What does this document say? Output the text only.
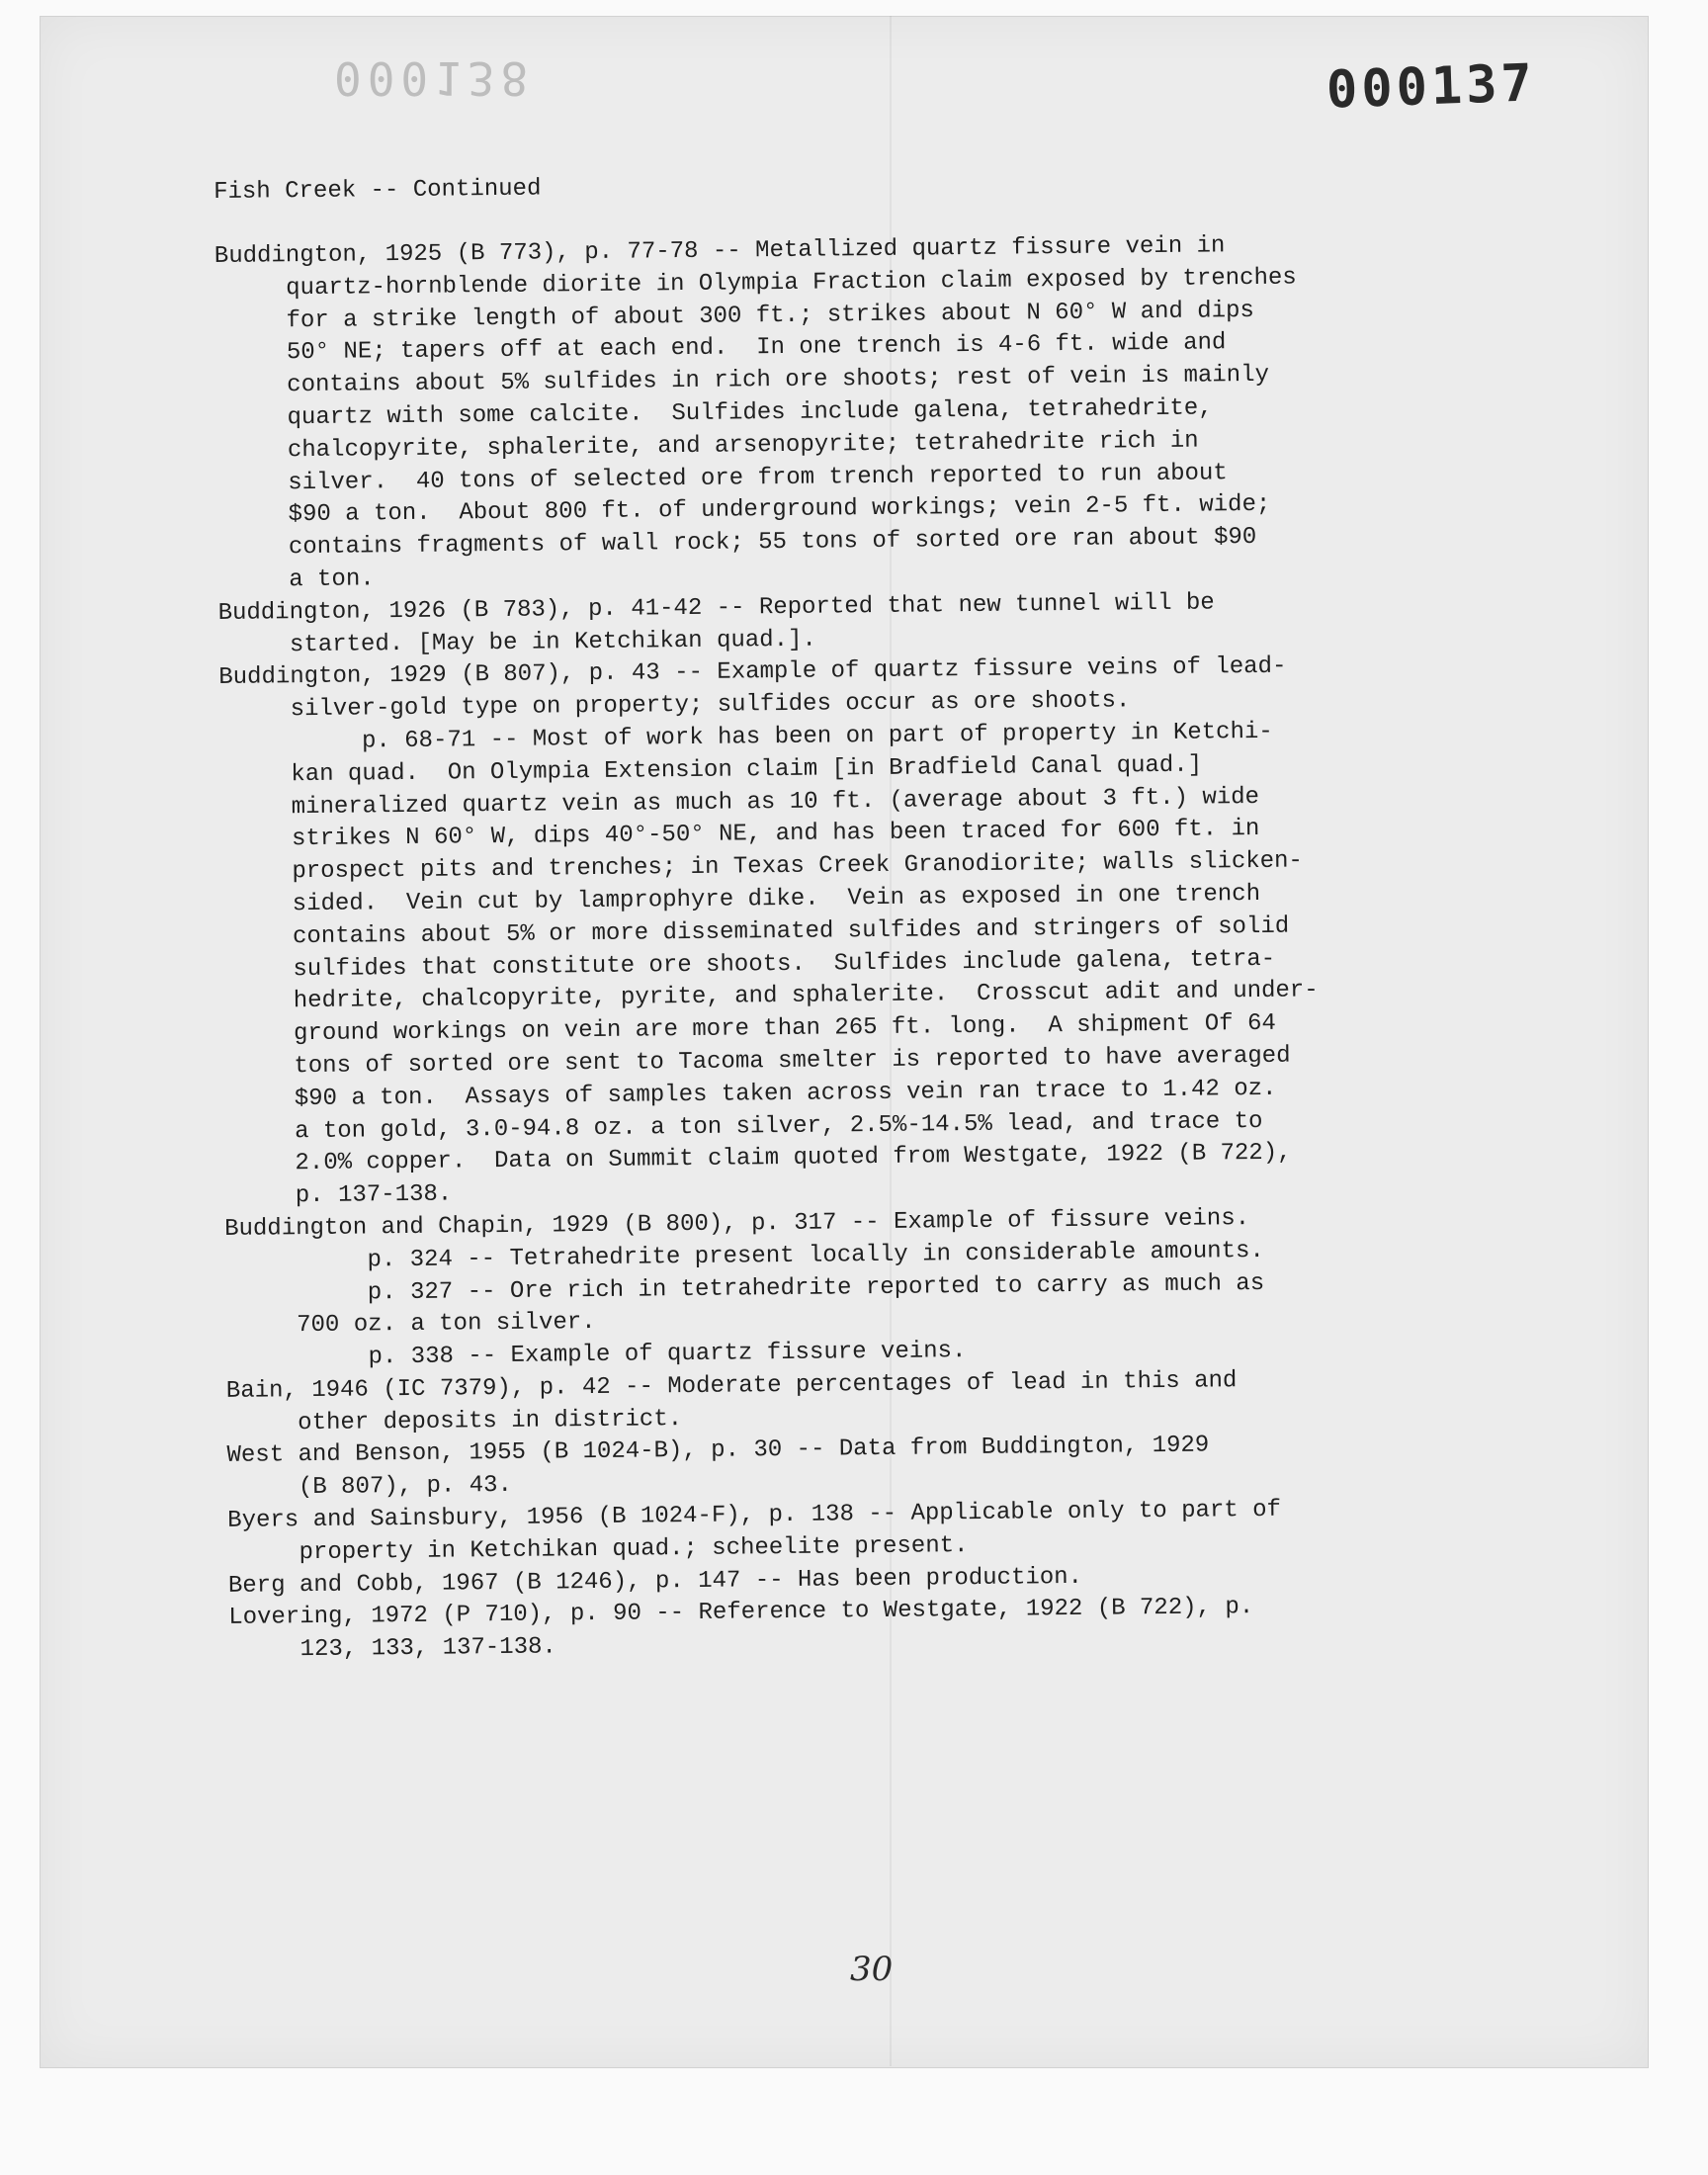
000138	000137

Fish Creek -- Continued

Buddington, 1925 (B 773), p. 77-78 -- Metallized quartz fissure vein in
quartz-hornblende diorite in Olympia Fraction claim exposed by trenches
for a strike length of about 300 ft.; strikes about N 60° W and dips
50° NE; tapers off at each end.  In one trench is 4-6 ft. wide and
contains about 5% sulfides in rich ore shoots; rest of vein is mainly
quartz with some calcite.  Sulfides include galena, tetrahedrite,
chalcopyrite, sphalerite, and arsenopyrite; tetrahedrite rich in
silver.  40 tons of selected ore from trench reported to run about
$90 a ton.  About 800 ft. of underground workings; vein 2-5 ft. wide;
contains fragments of wall rock; 55 tons of sorted ore ran about $90
a ton.

Buddington, 1926 (B 783), p. 41-42 -- Reported that new tunnel will be
started. [May be in Ketchikan quad.].

Buddington, 1929 (B 807), p. 43 -- Example of quartz fissure veins of lead-
silver-gold type on property; sulfides occur as ore shoots.
p. 68-71 -- Most of work has been on part of property in Ketchi-
kan quad.  On Olympia Extension claim [in Bradfield Canal quad.]
mineralized quartz vein as much as 10 ft. (average about 3 ft.) wide
strikes N 60° W, dips 40°-50° NE, and has been traced for 600 ft. in
prospect pits and trenches; in Texas Creek Granodiorite; walls slicken-
sided.  Vein cut by lamprophyre dike.  Vein as exposed in one trench
contains about 5% or more disseminated sulfides and stringers of solid
sulfides that constitute ore shoots.  Sulfides include galena, tetra-
hedrite, chalcopyrite, pyrite, and sphalerite.  Crosscut adit and under-
ground workings on vein are more than 265 ft. long.  A shipment Of 64
tons of sorted ore sent to Tacoma smelter is reported to have averaged
$90 a ton.  Assays of samples taken across vein ran trace to 1.42 oz.
a ton gold, 3.0-94.8 oz. a ton silver, 2.5%-14.5% lead, and trace to
2.0% copper.  Data on Summit claim quoted from Westgate, 1922 (B 722),
p. 137-138.

Buddington and Chapin, 1929 (B 800), p. 317 -- Example of fissure veins.
p. 324 -- Tetrahedrite present locally in considerable amounts.
p. 327 -- Ore rich in tetrahedrite reported to carry as much as
700 oz. a ton silver.
p. 338 -- Example of quartz fissure veins.

Bain, 1946 (IC 7379), p. 42 -- Moderate percentages of lead in this and
other deposits in district.

West and Benson, 1955 (B 1024-B), p. 30 -- Data from Buddington, 1929
(B 807), p. 43.

Byers and Sainsbury, 1956 (B 1024-F), p. 138 -- Applicable only to part of
property in Ketchikan quad.; scheelite present.

Berg and Cobb, 1967 (B 1246), p. 147 -- Has been production.

Lovering, 1972 (P 710), p. 90 -- Reference to Westgate, 1922 (B 722), p.
123, 133, 137-138.

30
